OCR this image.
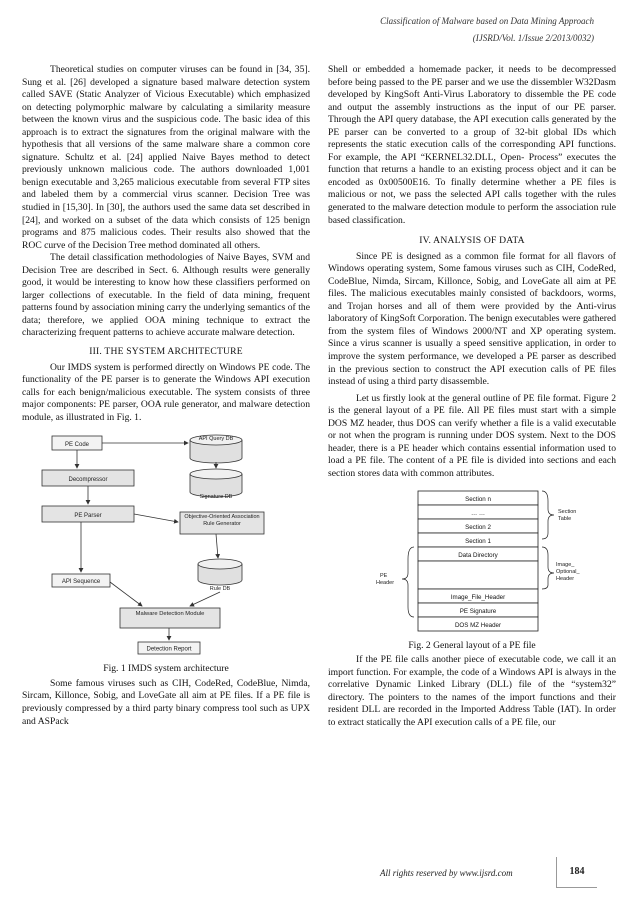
Classification of Malware based on Data Mining Approach
(IJSRD/Vol. 1/Issue 2/2013/0032)

Theoretical studies on computer viruses can be found in [34, 35]. Sung et al. [26] developed a signature based malware detection system called SAVE (Static Analyzer of Vicious Executable) which emphasized on detecting polymorphic malware by calculating a similarity measure between the known virus and the suspicious code. The basic idea of this approach is to extract the signatures from the original malware with the hypothesis that all versions of the same malware share a common core signature. Schultz et al. [24] applied Naive Bayes method to detect previously unknown malicious code. The authors downloaded 1,001 benign executable and 3,265 malicious executable from several FTP sites and labeled them by a commercial virus scanner. Decision Tree was studied in [15,30]. In [30], the authors used the same data set described in [24], and worked on a subset of the data which consists of 125 benign programs and 875 malicious codes. Their results also showed that the ROC curve of the Decision Tree method dominated all others.

The detail classification methodologies of Naive Bayes, SVM and Decision Tree are described in Sect. 6. Although results were generally good, it would be interesting to know how these classifiers performed on larger collections of executable. In the field of data mining, frequent patterns found by association mining carry the underlying semantics of the data; therefore, we applied OOA mining technique to extract the characterizing frequent patterns to achieve accurate malware detection.

III. THE SYSTEM ARCHITECTURE

Our IMDS system is performed directly on Windows PE code. The functionality of the PE parser is to generate the Windows API execution calls for each benign/malicious executable. The system consists of three major components: PE parser, OOA rule generator, and malware detection module, as illustrated in Fig. 1.

PE Code
Decompressor
PE Parser
API Sequence
API Query DB
Signature DB
Objective-Oriented Association Rule Generator
Rule DB
Malware Detection Module
Detection Report
Fig. 1 IMDS system architecture

Some famous viruses such as CIH, CodeRed, CodeBlue, Nimda, Sircam, Killonce, Sobig, and LoveGate all aim at PE files. If a PE file is previously compressed by a third party binary compress tool such as UPX and ASPack

Shell or embedded a homemade packer, it needs to be decompressed before being passed to the PE parser and we use the dissembler W32Dasm developed by KingSoft Anti-Virus Laboratory to dissemble the PE code and output the assembly instructions as the input of our PE parser. Through the API query database, the API execution calls generated by the PE parser can be converted to a group of 32-bit global IDs which represents the static execution calls of the corresponding API functions. For example, the API “KERNEL32.DLL, Open- Process” executes the function that returns a handle to an existing process object and it can be encoded as 0x00500E16. To finally determine whether a PE files is malicious or not, we pass the selected API calls together with the rules generated to the malware detection module to perform the association rule based classification.

IV. ANALYSIS OF DATA

Since PE is designed as a common file format for all flavors of Windows operating system, Some famous viruses such as CIH, CodeRed, CodeBlue, Nimda, Sircam, Killonce, Sobig, and LoveGate all aim at PE files. The malicious executables mainly consisted of backdoors, worms, and Trojan horses and all of them were provided by the Anti-virus laboratory of KingSoft Corporation. The benign executables were gathered from the system files of Windows 2000/NT and XP operating system. Since a virus scanner is usually a speed sensitive application, in order to improve the system performance, we developed a PE parser as described in the previous section to construct the API execution calls of PE files instead of using a third party disassemble.

Let us firstly look at the general outline of PE file format. Figure 2 is the general layout of a PE file. All PE files must start with a simple DOS MZ header, thus DOS can verify whether a file is a valid executable or not when the program is running under DOS system. Next to the DOS header, there is a PE header which contains essential information used to load a PE file. The content of a PE file is divided into sections and each section stores data with common attributes.

Section n
… …
Section 2
Section 1
Data Directory
Image_File_Header
PE Signature
DOS MZ Header
Section
Table
Image_
Optional_
Header
PE
Header
Fig. 2 General layout of a PE file

If the PE file calls another piece of executable code, we call it an import function. For example, the code of a Windows API is always in the correlative Dynamic Linked Library (DLL) file of the “system32” directory. The pointers to the names of the import functions and their resident DLL are recorded in the Imported Address Table (IAT). In order to extract statically the API execution calls of a PE file, our

All rights reserved by www.ijsrd.com	184
